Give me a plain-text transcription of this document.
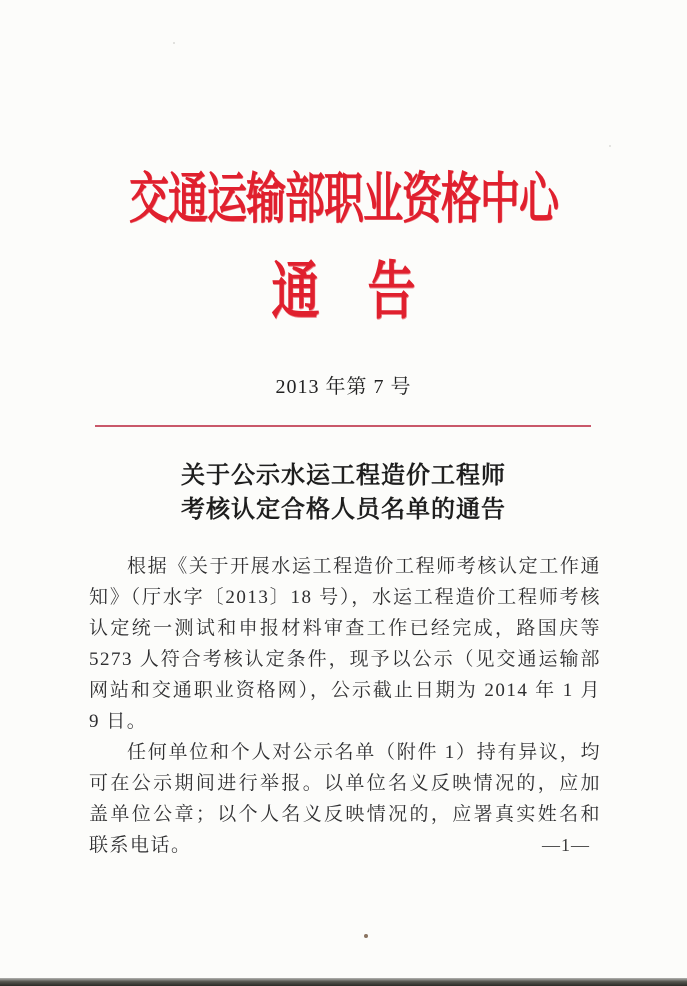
交通运输部职业资格中心
通　告
2013 年第 7 号
关于公示水运工程造价工程师
考核认定合格人员名单的通告

根据《关于开展水运工程造价工程师考核认定工作通知》（厅水字〔2013〕18 号），水运工程造价工程师考核认定统一测试和申报材料审查工作已经完成，路国庆等 5273 人符合考核认定条件，现予以公示（见交通运输部网站和交通职业资格网），公示截止日期为 2014 年 1 月 9 日。

任何单位和个人对公示名单（附件 1）持有异议，均可在公示期间进行举报。以单位名义反映情况的，应加盖单位公章；以个人名义反映情况的，应署真实姓名和联系电话。	—1—
